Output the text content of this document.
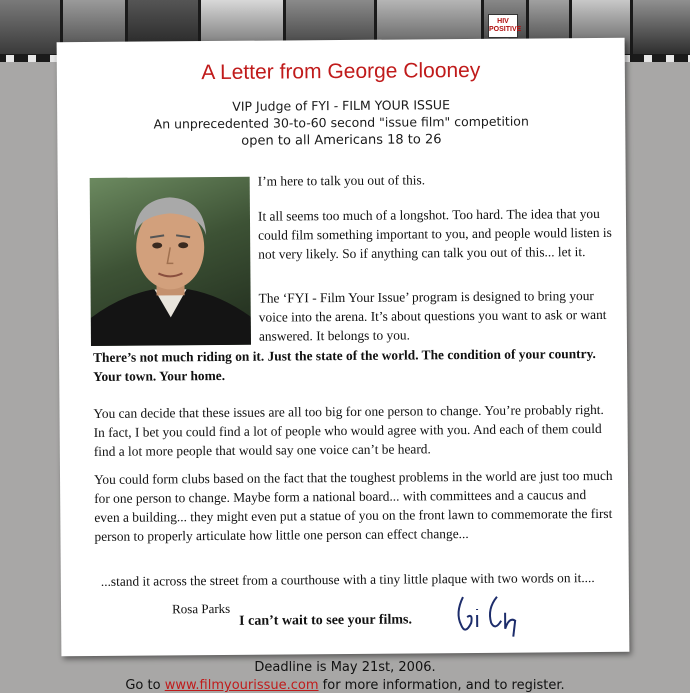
HIV POSITIVE
A Letter from George Clooney
VIP Judge of FYI - FILM YOUR ISSUE
An unprecedented 30-to-60 second "issue film" competition
open to all Americans 18 to 26

I’m here to talk you out of this.

It all seems too much of a longshot. Too hard. The idea that you could film something important to you, and people would listen is not very likely. So if anything can talk you out of this... let it.

The ‘FYI - Film Your Issue’ program is designed to bring your voice into the arena. It’s about questions you want to ask or want answered. It belongs to you.

There’s not much riding on it. Just the state of the world. The condition of your country. Your town. Your home.

You can decide that these issues are all too big for one person to change. You’re probably right. In fact, I bet you could find a lot of people who would agree with you. And each of them could find a lot more people that would say one voice can’t be heard.

You could form clubs based on the fact that the toughest problems in the world are just too much for one person to change. Maybe form a national board... with committees and a caucus and even a building... they might even put a statue of you on the front lawn to commemorate the first person to properly articulate how little one person can effect change...

...stand it across the street from a courthouse with a tiny little plaque with two words on it....

Rosa Parks
I can’t wait to see your films.
Deadline is May 21st, 2006.
Go to www.filmyourissue.com for more information, and to register.
